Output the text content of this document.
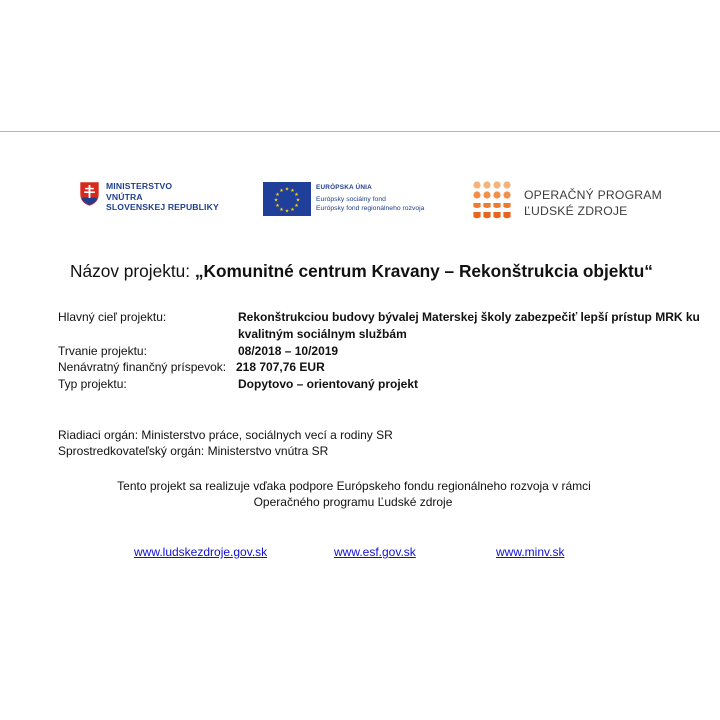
MINISTERSTVO
VNÚTRA
SLOVENSKEJ REPUBLIKY
★ ★
★
★
★
★
★
★
★
★
★
★	EURÓPSKA ÚNIA
Európsky sociálny fond
Európsky fond regionálneho rozvoja
OPERAČNÝ PROGRAM
ĽUDSKÉ ZDROJE
Názov projektu: „Komunitné centrum Kravany – Rekonštrukcia objektu“
Hlavný cieľ projektu:	Rekonštrukciou budovy bývalej Materskej školy zabezpečiť lepší prístup MRK ku
kvalitným sociálnym službám
Trvanie projektu:	08/2018 – 10/2019
Nenávratný finančný príspevok: 218 707,76 EUR
Typ projektu:	Dopytovo – orientovaný projekt
Riadiaci orgán: Ministerstvo práce, sociálnych vecí a rodiny SR
Sprostredkovateľský orgán: Ministerstvo vnútra SR
Tento projekt sa realizuje vďaka podpore Európskeho fondu regionálneho rozvoja v rámci
Operačného programu Ľudské zdroje
www.ludskezdroje.gov.sk	www.esf.gov.sk	www.minv.sk
